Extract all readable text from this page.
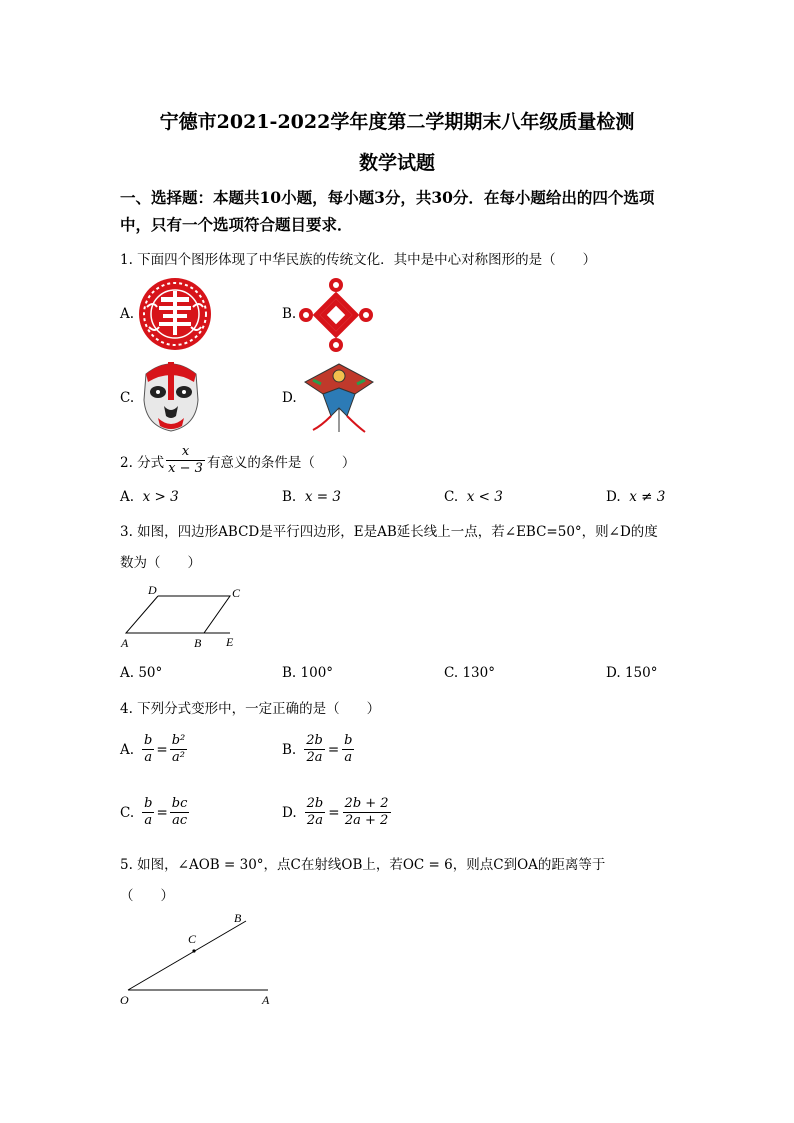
宁德市2021-2022学年度第二学期期末八年级质量检测
数学试题
一、选择题：本题共10小题，每小题3分，共30分．在每小题给出的四个选项中，只有一个选项符合题目要求．
1. 下面四个图形体现了中华民族的传统文化．其中是中心对称图形的是（　　）
A.	B.
C.	D.
2. 分式 $\frac{x}{x - 3}$ 有意义的条件是（　　）
A. x > 3	B. x = 3	C. x < 3	D. x ≠ 3
3. 如图，四边形ABCD是平行四边形，E是AB延长线上一点，若∠EBC=50°，则∠D的度
数为（　　）
D	C
A	B E
A. 50°	B. 100°	C. 130°	D. 150°
4. 下列分式变形中，一定正确的是（　　）
A. $\frac{b}{a} = \frac{\text{b²}}{\text{a²}}$	B. $\frac{2b}{2a} = \frac{b}{a}$
C. $\frac{b}{a} = \frac{bc}{ac}$	D. $\frac{2b}{2a} = \frac{2b + 2}{2a + 2}$
5. 如图，∠AOB = 30°，点C在射线OB上，若OC = 6，则点C到OA的距离等于
（　　）
B
C
O	A
